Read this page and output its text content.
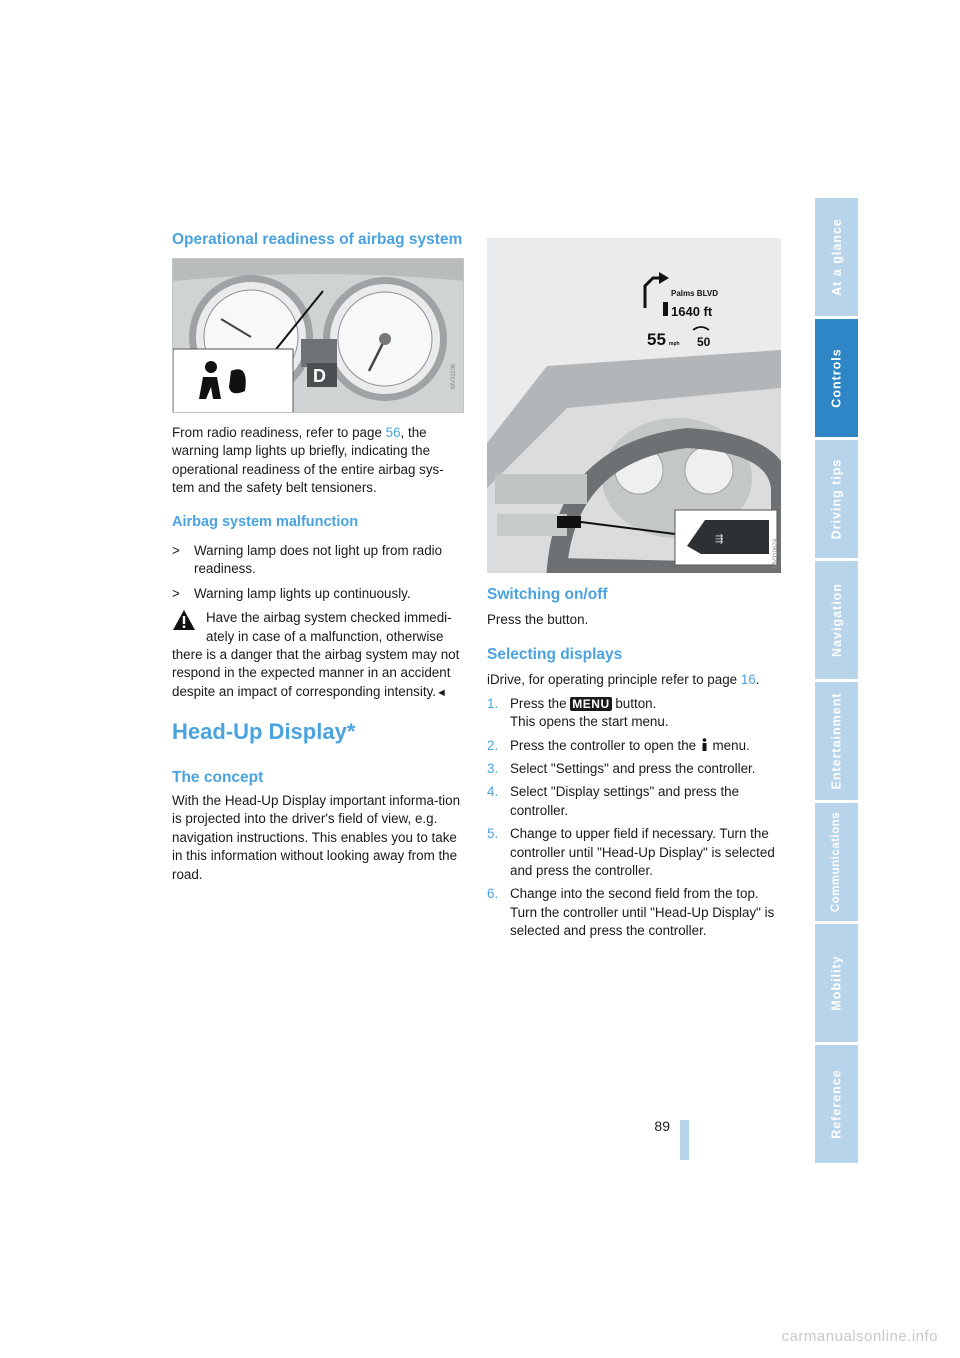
Operational readiness of airbag system
D	MV31106

From radio readiness, refer to page 56, the warning lamp lights up briefly, indicating the operational readiness of the entire airbag sys-tem and the safety belt tensioners.

Airbag system malfunction
>	Warning lamp does not light up from radio readiness.
>	Warning lamp lights up continuously.
Have the airbag system checked immedi-ately in case of a malfunction, otherwise there is a danger that the airbag system may not respond in the expected manner in an accident despite an impact of corresponding intensity.◄
Head-Up Display*
The concept

With the Head-Up Display important informa-tion is projected into the driver's field of view, e.g. navigation instructions. This enables you to take in this information without looking away from the road.

Palms BLVD
1640 ft
55 mph 50
⇶	MV31062A
Switching on/off

Press the button.

Selecting displays

iDrive, for operating principle refer to page 16.

1. Press the MENU button.
This opens the start menu.
2. Press the controller to open the  menu.
3. Select "Settings" and press the controller.
4. Select "Display settings" and press the controller.
5. Change to upper field if necessary. Turn the controller until "Head-Up Display" is selected and press the controller.
6. Change into the second field from the top. Turn the controller until "Head-Up Display" is selected and press the controller.
At a glance
Controls
Driving tips
Navigation
Entertainment
Communications
Mobility
Reference
89
carmanualsonline.info
